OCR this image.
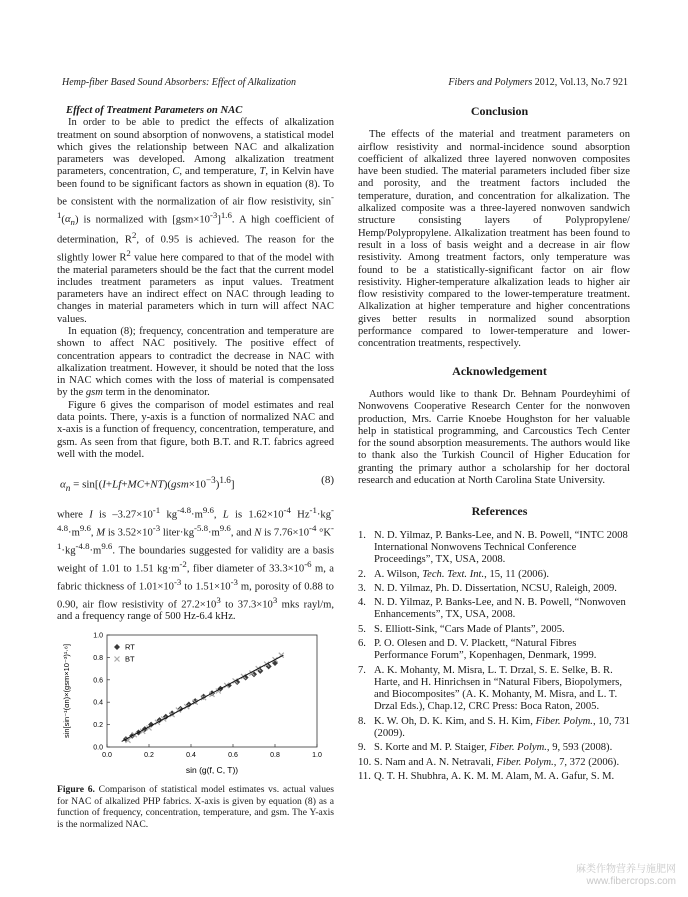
Hemp-fiber Based Sound Absorbers: Effect of Alkalization	Fibers and Polymers 2012, Vol.13, No.7 921

Effect of Treatment Parameters on NAC

In order to be able to predict the effects of alkalization treatment on sound absorption of nonwovens, a statistical model which gives the relationship between NAC and alkalization parameters was developed. Among alkalization treatment parameters, concentration, C, and temperature, T, in Kelvin have been found to be significant factors as shown in equation (8). To be consistent with the normalization of air flow resistivity, $\sin^{-1}(\alpha_n)$ is normalized with $[gsm\times 10^{-3}]^{1.6}$. A high coefficient of determination, $R^2$, of 0.95 is achieved. The reason for the slightly lower $R^2$ value here compared to that of the model with the material parameters should be the fact that the current model includes treatment parameters as input values. Treatment parameters have an indirect effect on NAC through leading to changes in material parameters which in turn will affect NAC values.

In equation (8); frequency, concentration and temperature are shown to affect NAC positively. The positive effect of concentration appears to contradict the decrease in NAC with alkalization treatment. However, it should be noted that the loss in NAC which comes with the loss of material is compensated by the gsm term in the denominator.

Figure 6 gives the comparison of model estimates and real data points. There, y-axis is a function of normalized NAC and x-axis is a function of frequency, concentration, temperature, and gsm. As seen from that figure, both B.T. and R.T. fabrics agreed well with the model.

$\alpha_n = \sin[(I+Lf+MC+NT)(gsm\times 10^{-3})^{1.6}]$	(8)

where I is $-3.27\times 10^{-1}$ $kg^{-4.8}\cdot m^{9.6}$, L is $1.62\times 10^{-4}$ $Hz^{-1}\cdot kg^{-4.8}\cdot m^{9.6}$, M is $3.52\times 10^{-3}$ $liter\cdot kg^{-5.8}\cdot m^{9.6}$, and N is $7.76\times 10^{-4}$ $^\circ K^{-1}\cdot kg^{-4.8}\cdot m^{9.6}$. The boundaries suggested for validity are a basis weight of 1.01 to 1.51 $kg\cdot m^{-2}$, fiber diameter of $33.3\times 10^{-6}$ m, a fabric thickness of $1.01\times 10^{-3}$ to $1.51\times 10^{-3}$ m, porosity of 0.88 to 0.90, air flow resistivity of $27.2\times 10^3$ to $37.3\times 10^3$ mks rayl/m, and a frequency range of 500 Hz-6.4 kHz.

0.0	0.2	0.4	0.6	0.8	1.0
0.0
0.2
0.4
0.6
0.8
1.0
sin (g(f, C, T))
sin[sin⁻¹(αn)×(gsm×10⁻³)¹·⁶]	RT
BT
Figure 6. Comparison of statistical model estimates vs. actual values for NAC of alkalized PHP fabrics. X-axis is given by equation (8) as a function of frequency, concentration, temperature, and gsm. The Y-axis is the normalized NAC.

Conclusion

The effects of the material and treatment parameters on airflow resistivity and normal-incidence sound absorption coefficient of alkalized three layered nonwoven composites have been studied. The material parameters included fiber size and porosity, and the treatment factors included the temperature, duration, and concentration for alkalization. The alkalized composite was a three-layered nonwoven sandwich structure consisting layers of Polypropylene/ Hemp/Polypropylene. Alkalization treatment has been found to result in a loss of basis weight and a decrease in air flow resistivity. Among treatment factors, only temperature was found to be a statistically-significant factor on air flow resistivity. Higher-temperature alkalization leads to higher air flow resistivity compared to the lower-temperature treatment. Alkalization at higher temperature and higher concentrations gives better results in normalized sound absorption performance compared to lower-temperature and lower-concentration treatments, respectively.

Acknowledgement

Authors would like to thank Dr. Behnam Pourdeyhimi of Nonwovens Cooperative Research Center for the nonwoven production, Mrs. Carrie Knoebe Houghston for her valuable help in statistical programming, and Carcoustics Tech Center for the sound absorption measurements. The authors would like to thank also the Turkish Council of Higher Education for granting the primary author a scholarship for her doctoral research and education at North Carolina State University.

References

1. N. D. Yilmaz, P. Banks-Lee, and N. B. Powell, “INTC 2008 International Nonwovens Technical Conference Proceedings”, TX, USA, 2008.
2. A. Wilson, Tech. Text. Int., 15, 11 (2006).
3. N. D. Yilmaz, Ph. D. Dissertation, NCSU, Raleigh, 2009.
4. N. D. Yilmaz, P. Banks-Lee, and N. B. Powell, “Nonwoven Enhancements”, TX, USA, 2008.
5. S. Elliott-Sink, “Cars Made of Plants”, 2005.
6. P. O. Olesen and D. V. Plackett, “Natural Fibres Performance Forum”, Kopenhagen, Denmark, 1999.
7. A. K. Mohanty, M. Misra, L. T. Drzal, S. E. Selke, B. R. Harte, and H. Hinrichsen in “Natural Fibers, Biopolymers, and Biocomposites” (A. K. Mohanty, M. Misra, and L. T. Drzal Eds.), Chap.12, CRC Press: Boca Raton, 2005.
8. K. W. Oh, D. K. Kim, and S. H. Kim, Fiber. Polym., 10, 731 (2009).
9. S. Korte and M. P. Staiger, Fiber. Polym., 9, 593 (2008).
10. S. Nam and A. N. Netravali, Fiber. Polym., 7, 372 (2006).
11. Q. T. H. Shubhra, A. K. M. M. Alam, M. A. Gafur, S. M.
麻类作物营养与施肥网
www.fibercrops.com
